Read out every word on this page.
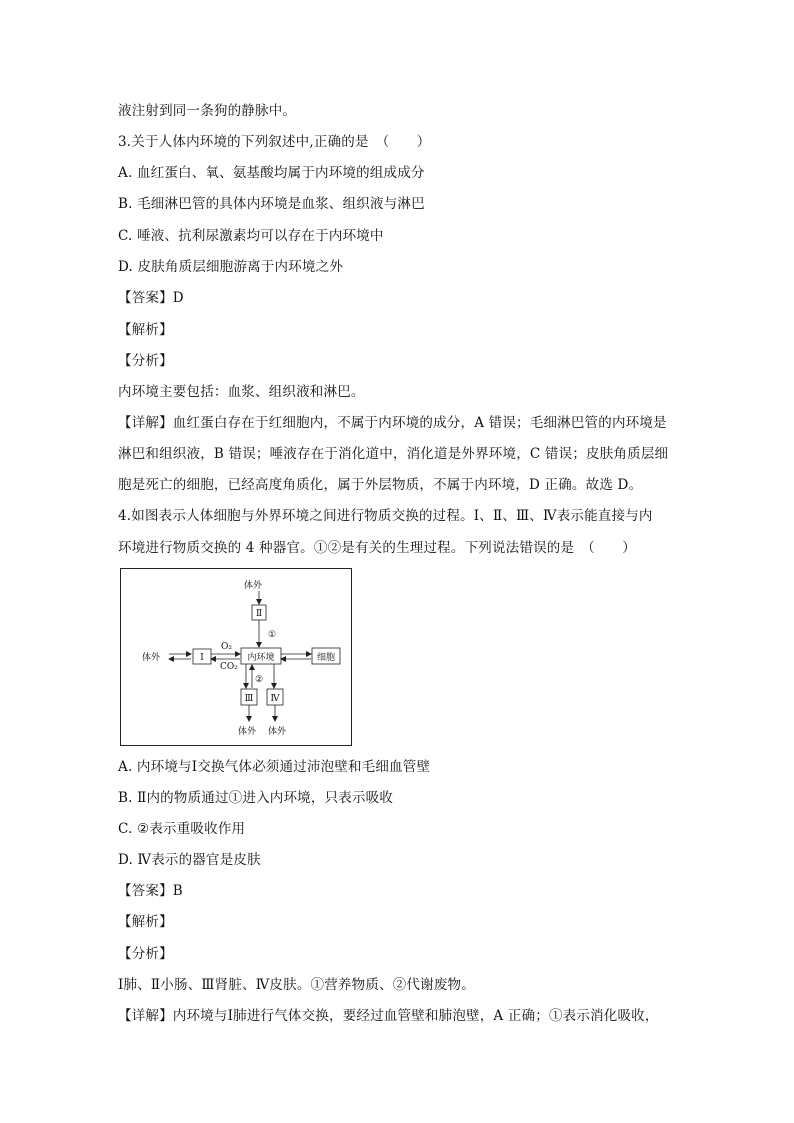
液注射到同一条狗的静脉中。
3.关于人体内环境的下列叙述中,正确的是　（　　）
A. 血红蛋白、氧、氨基酸均属于内环境的组成成分
B. 毛细淋巴管的具体内环境是血浆、组织液与淋巴
C. 唾液、抗利尿激素均可以存在于内环境中
D. 皮肤角质层细胞游离于内环境之外
【答案】D
【解析】
【分析】
内环境主要包括：血浆、组织液和淋巴。
【详解】血红蛋白存在于红细胞内，不属于内环境的成分，A 错误；毛细淋巴管的内环境是
淋巴和组织液，B 错误；唾液存在于消化道中，消化道是外界环境，C 错误；皮肤角质层细
胞是死亡的细胞，已经高度角质化，属于外层物质，不属于内环境，D 正确。故选 D。
4.如图表示人体细胞与外界环境之间进行物质交换的过程。Ⅰ、Ⅱ、Ⅲ、Ⅳ表示能直接与内
环境进行物质交换的 4 种器官。①②是有关的生理过程。下列说法错误的是　（　　）
体外
Ⅱ
①
体外	Ⅰ
O₂
CO₂
内环境	细胞
②
Ⅲ Ⅳ
体外 体外
A. 内环境与Ⅰ交换气体必须通过沛泡壁和毛细血管壁
B. Ⅱ内的物质通过①进入内环境，只表示吸收
C. ②表示重吸收作用
D. Ⅳ表示的器官是皮肤
【答案】B
【解析】
【分析】
Ⅰ肺、Ⅱ小肠、Ⅲ肾脏、Ⅳ皮肤。①营养物质、②代谢废物。
【详解】内环境与Ⅰ肺进行气体交换，要经过血管壁和肺泡壁，A 正确；①表示消化吸收，
